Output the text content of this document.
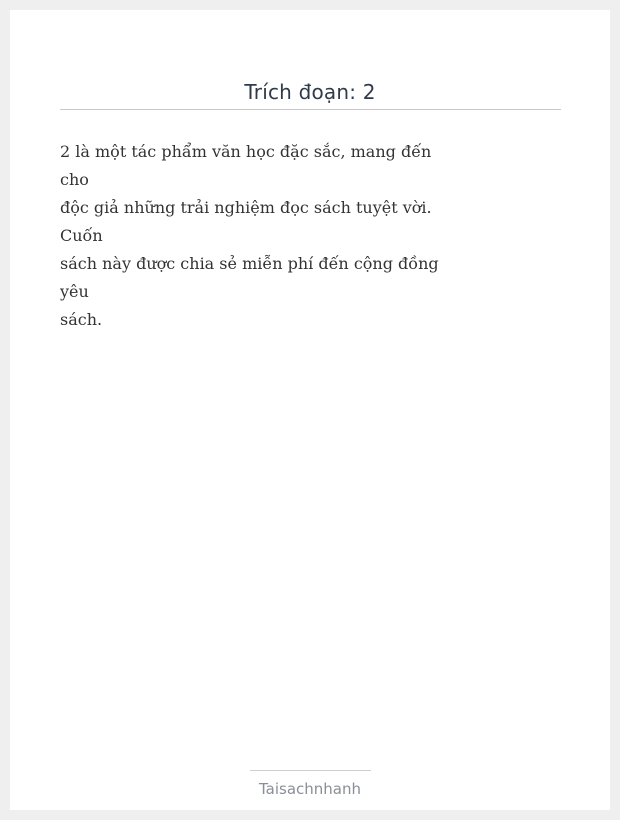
Trích đoạn: 2
2 là một tác phẩm văn học đặc sắc, mang đến
cho
độc giả những trải nghiệm đọc sách tuyệt vời.
Cuốn
sách này được chia sẻ miễn phí đến cộng đồng
yêu
sách.
Taisachnhanh
